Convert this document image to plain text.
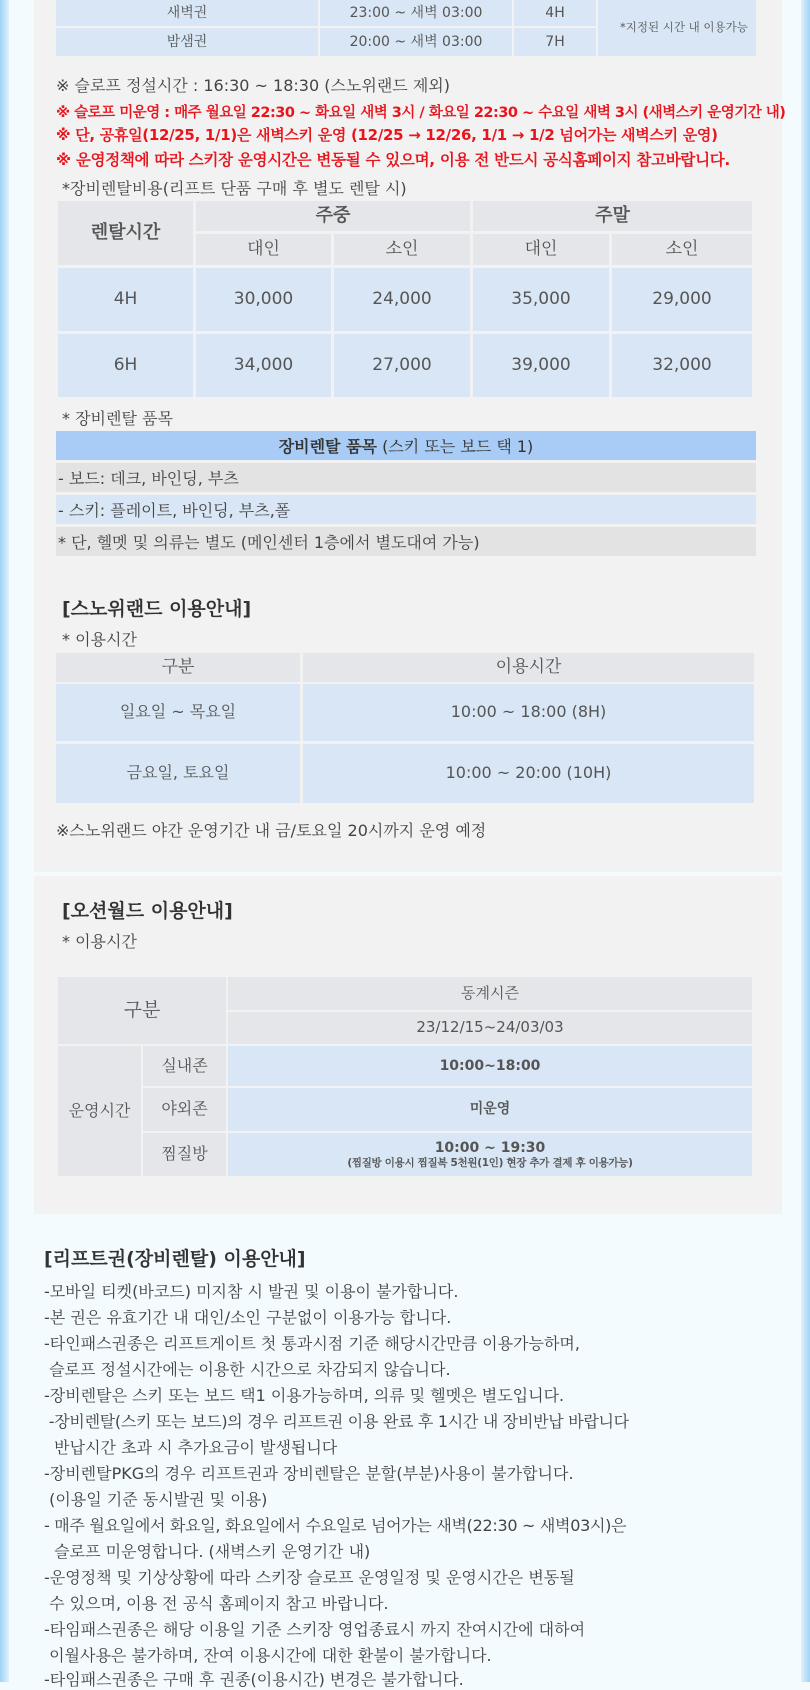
새벽권	23:00 ~ 새벽 03:00	4H
밤샘권	20:00 ~ 새벽 03:00	7H
*지정된 시간 내 이용가능
※ 슬로프 정설시간 : 16:30 ~ 18:30 (스노위랜드 제외)
※ 슬로프 미운영 : 매주 월요일 22:30 ~ 화요일 새벽 3시 / 화요일 22:30 ~ 수요일 새벽 3시 (새벽스키 운영기간 내)
※ 단, 공휴일(12/25, 1/1)은 새벽스키 운영 (12/25 → 12/26, 1/1 → 1/2 넘어가는 새벽스키 운영)
※ 운영정책에 따라 스키장 운영시간은 변동될 수 있으며, 이용 전 반드시 공식홈페이지 참고바랍니다.
*장비렌탈비용(리프트 단품 구매 후 별도 렌탈 시)
렌탈시간
주중	주말
대인	소인	대인	소인
4H	30,000	24,000	35,000	29,000
6H	34,000	27,000	39,000	32,000
* 장비렌탈 품목
장비렌탈 품목 (스키 또는 보드 택 1)
- 보드: 데크, 바인딩, 부츠
- 스키: 플레이트, 바인딩, 부츠,폴
* 단, 헬멧 및 의류는 별도 (메인센터 1층에서 별도대여 가능)
[스노위랜드 이용안내]
* 이용시간
구분	이용시간
일요일 ~ 목요일	10:00 ~ 18:00 (8H)
금요일, 토요일	10:00 ~ 20:00 (10H)
※스노위랜드 야간 운영기간 내 금/토요일 20시까지 운영 예정
[오션월드 이용안내]
* 이용시간
구분
동계시즌
23/12/15~24/03/03
운영시간
실내존	10:00~18:00
야외존	미운영
찜질방	10:00 ~ 19:30
(찜질방 이용시 찜질복 5천원(1인) 현장 추가 결제 후 이용가능)
[리프트권(장비렌탈) 이용안내]
-모바일 티켓(바코드) 미지참 시 발권 및 이용이 불가합니다.
-본 권은 유효기간 내 대인/소인 구분없이 이용가능 합니다.
-타인패스권종은 리프트게이트 첫 통과시점 기준 해당시간만큼 이용가능하며,
슬로프 정설시간에는 이용한 시간으로 차감되지 않습니다.
-장비렌탈은 스키 또는 보드 택1 이용가능하며, 의류 및 헬멧은 별도입니다.
-장비렌탈(스키 또는 보드)의 경우 리프트권 이용 완료 후 1시간 내 장비반납 바랍니다
반납시간 초과 시 추가요금이 발생됩니다
-장비렌탈PKG의 경우 리프트권과 장비렌탈은 분할(부분)사용이 불가합니다.
(이용일 기준 동시발권 및 이용)
- 매주 월요일에서 화요일, 화요일에서 수요일로 넘어가는 새벽(22:30 ~ 새벽03시)은
슬로프 미운영합니다. (새벽스키 운영기간 내)
-운영정책 및 기상상황에 따라 스키장 슬로프 운영일정 및 운영시간은 변동될
수 있으며, 이용 전 공식 홈페이지 참고 바랍니다.
-타임패스권종은 해당 이용일 기준 스키장 영업종료시 까지 잔여시간에 대하여
이월사용은 불가하며, 잔여 이용시간에 대한 환불이 불가합니다.
-타임패스권종은 구매 후 권종(이용시간) 변경은 불가합니다.
